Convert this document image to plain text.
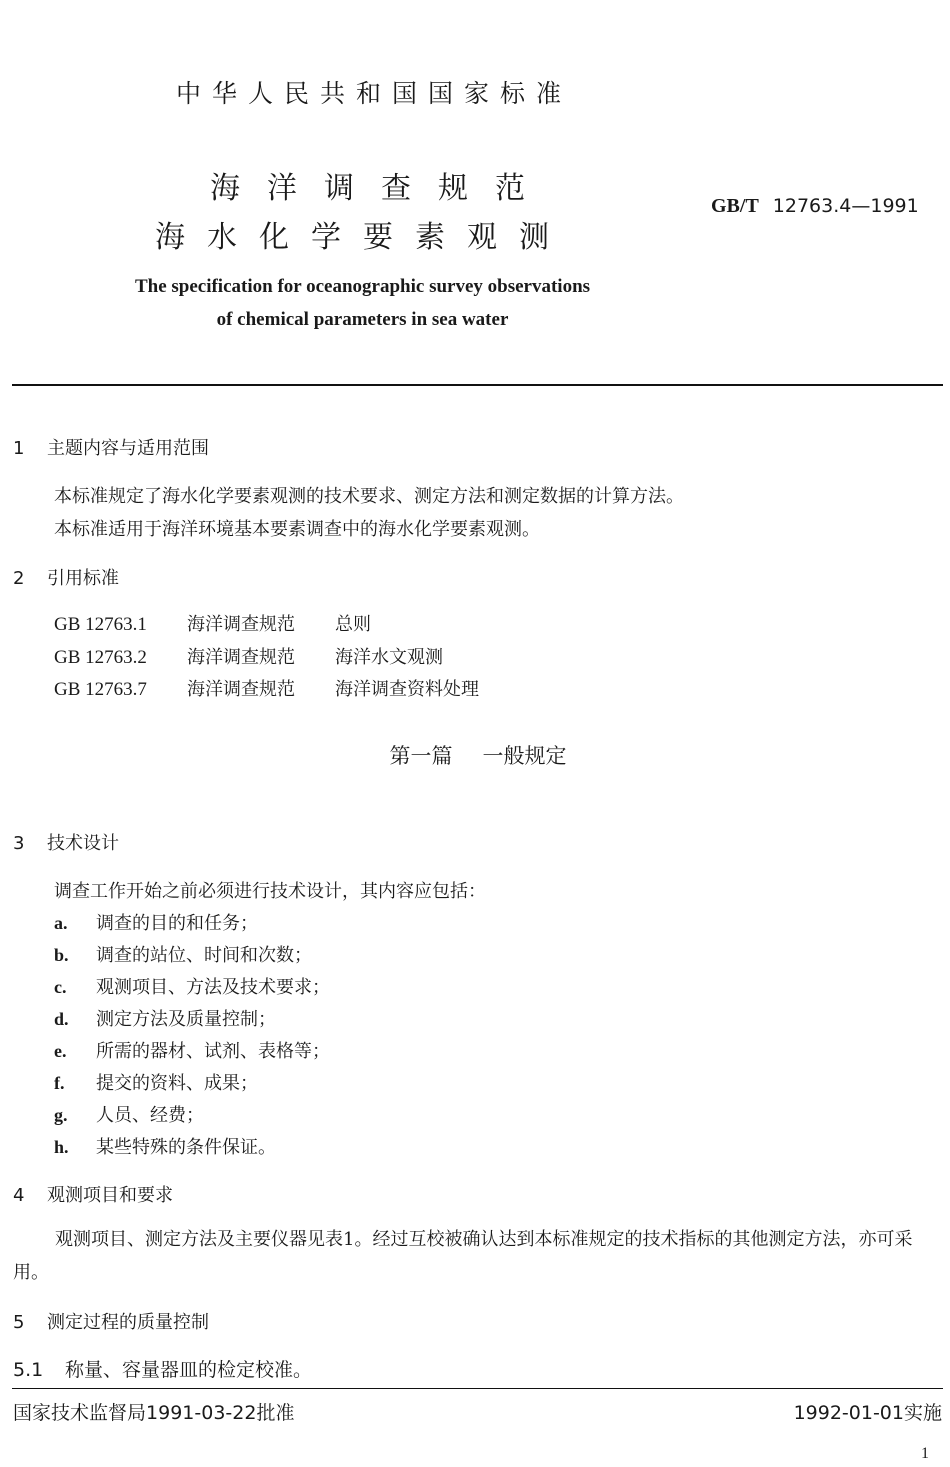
中华人民共和国国家标准
海洋调查规范
海水化学要素观测
GB/T 12763.4—1991
The specification for oceanographic survey observations
of chemical parameters in sea water
1 主题内容与适用范围
本标准规定了海水化学要素观测的技术要求、测定方法和测定数据的计算方法。
本标准适用于海洋环境基本要素调查中的海水化学要素观测。
2 引用标准
GB 12763.1 海洋调查规范 总则
GB 12763.2 海洋调查规范 海洋水文观测
GB 12763.7 海洋调查规范 海洋调查资料处理
第一篇 一般规定
3 技术设计
调查工作开始之前必须进行技术设计，其内容应包括：
a. 调查的目的和任务；
b. 调查的站位、时间和次数；
c. 观测项目、方法及技术要求；
d. 测定方法及质量控制；
e. 所需的器材、试剂、表格等；
f. 提交的资料、成果；
g. 人员、经费；
h. 某些特殊的条件保证。
4 观测项目和要求
观测项目、测定方法及主要仪器见表1。经过互校被确认达到本标准规定的技术指标的其他测定方法，亦可采用。
5 测定过程的质量控制
5.1 称量、容量器皿的检定校准。
国家技术监督局1991-03-22批准	1992-01-01实施
1
